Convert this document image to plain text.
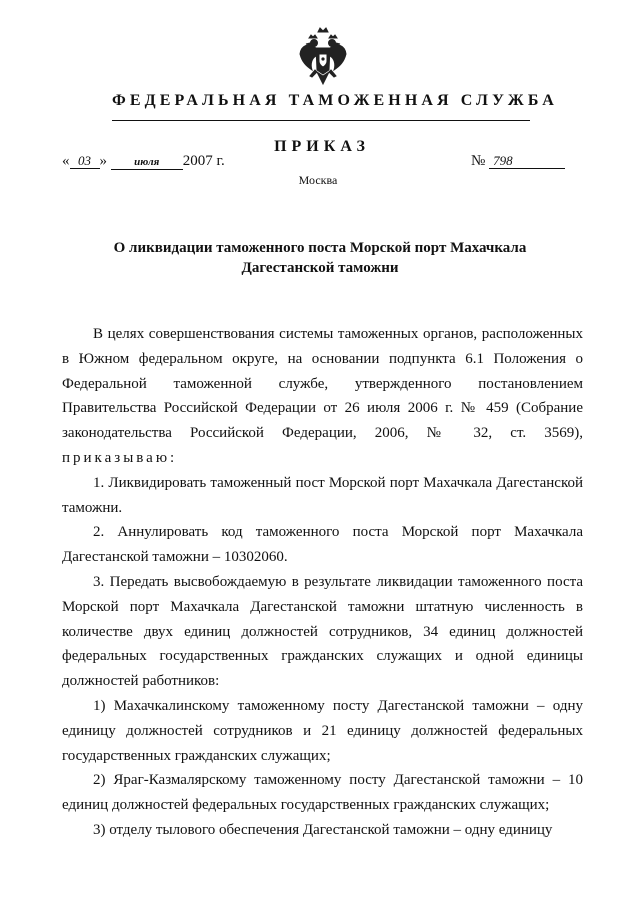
ФЕДЕРАЛЬНАЯ ТАМОЖЕННАЯ СЛУЖБА
ПРИКАЗ
« 03 » июля 2007 г.	№ 798
Москва
О ликвидации таможенного поста Морской порт Махачкала
Дагестанской таможни

В целях совершенствования системы таможенных органов, расположенных в Южном федеральном округе, на основании подпункта 6.1 Положения о Федеральной таможенной службе, утвержденного постановлением Правительства Российской Федерации от 26 июля 2006 г. № 459 (Собрание законодательства Российской Федерации, 2006, № 32, ст. 3569), приказываю:

1. Ликвидировать таможенный пост Морской порт Махачкала Дагестанской таможни.

2. Аннулировать код таможенного поста Морской порт Махачкала Дагестанской таможни – 10302060.

3. Передать высвобождаемую в результате ликвидации таможенного поста Морской порт Махачкала Дагестанской таможни штатную численность в количестве двух единиц должностей сотрудников, 34 единиц должностей федеральных государственных гражданских служащих и одной единицы должностей работников:

1) Махачкалинскому таможенному посту Дагестанской таможни – одну единицу должностей сотрудников и 21 единицу должностей федеральных государственных гражданских служащих;

2) Яраг-Казмалярскому таможенному посту Дагестанской таможни – 10 единиц должностей федеральных государственных гражданских служащих;

3) отделу тылового обеспечения Дагестанской таможни – одну единицу
